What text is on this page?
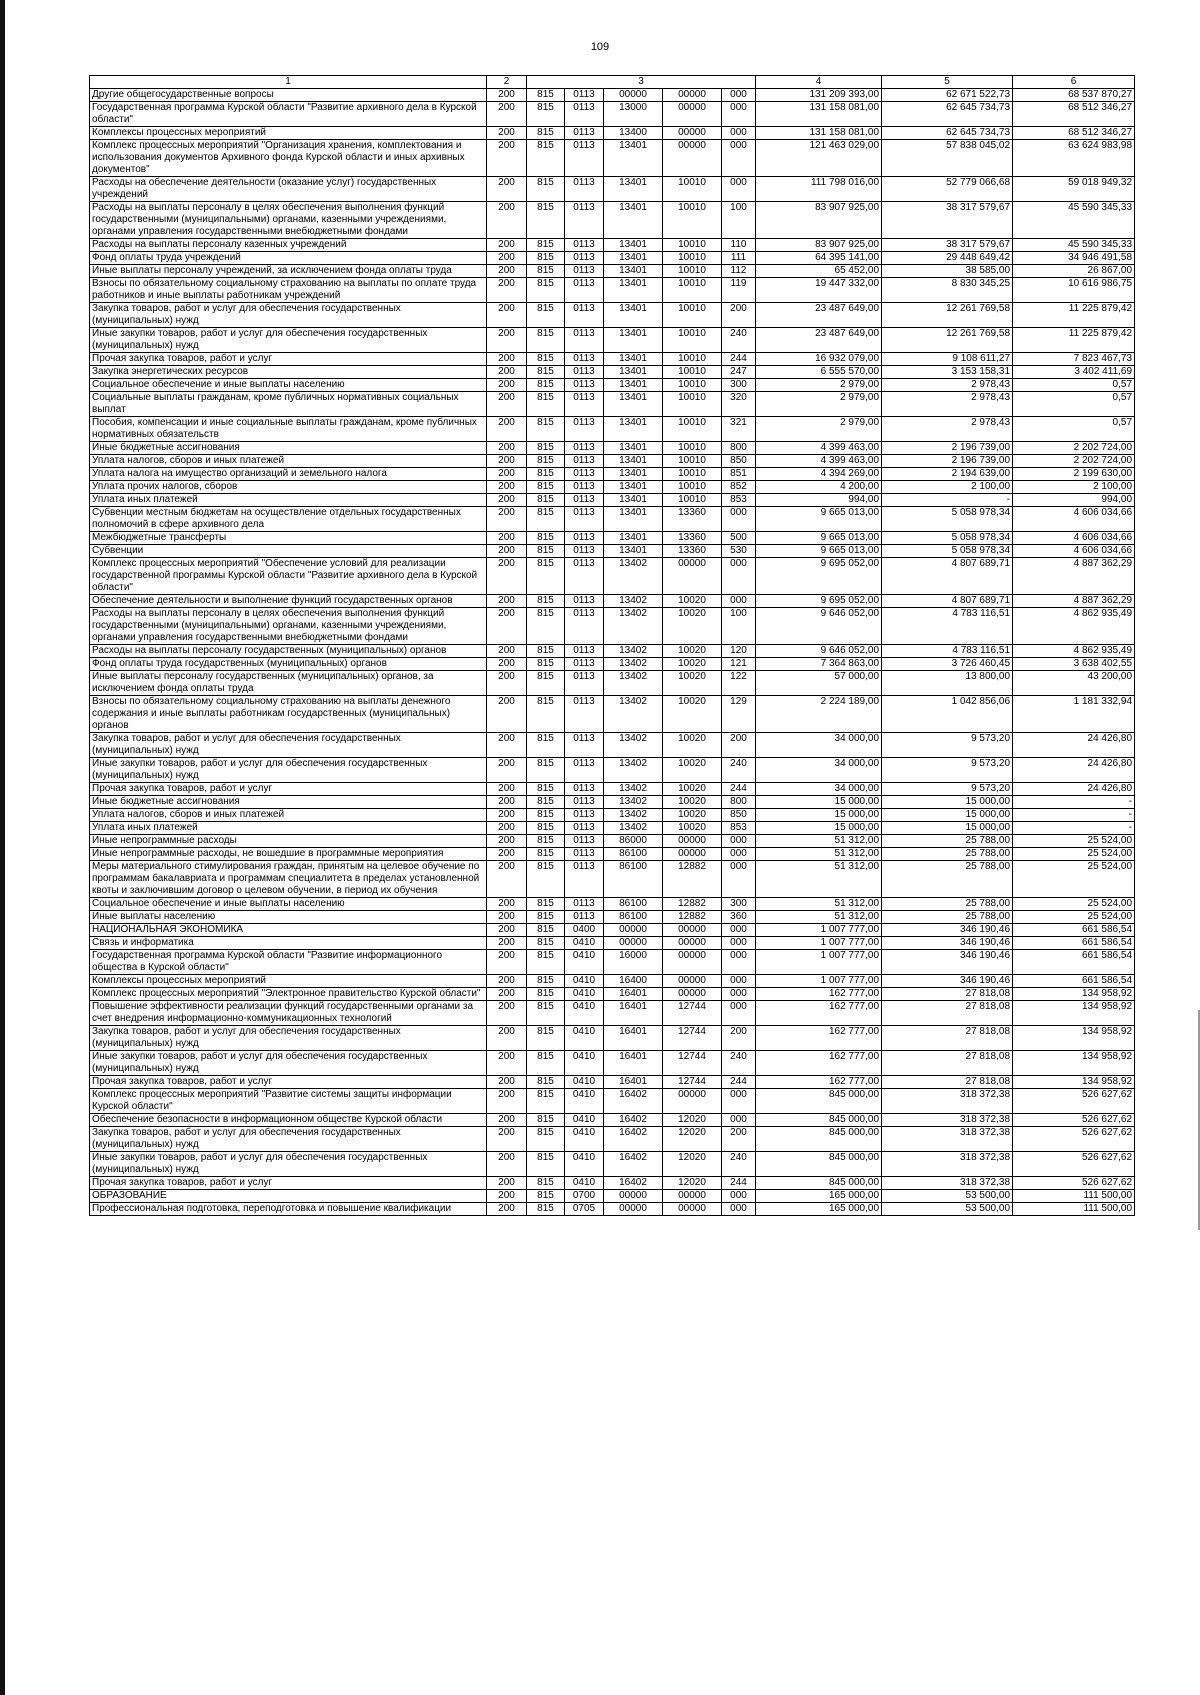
109
1	2	3					4	5	6
Другие общегосударственные вопросы	200	815	0113	00000	00000	000	131 209 393,00	62 671 522,73	68 537 870,27
Государственная программа Курской области "Развитие архивного дела в Курской области"	200	815	0113	13000	00000	000	131 158 081,00	62 645 734,73	68 512 346,27
Комплексы процессных мероприятий	200	815	0113	13400	00000	000	131 158 081,00	62 645 734,73	68 512 346,27
Комплекс процессных мероприятий "Организация хранения, комплектования и использования документов Архивного фонда Курской области и иных архивных документов"	200	815	0113	13401	00000	000	121 463 029,00	57 838 045,02	63 624 983,98
Расходы на обеспечение деятельности (оказание услуг) государственных учреждений	200	815	0113	13401	10010	000	111 798 016,00	52 779 066,68	59 018 949,32
Расходы на выплаты персоналу в целях обеспечения выполнения функций государственными (муниципальными) органами, казенными учреждениями, органами управления государственными внебюджетными фондами	200	815	0113	13401	10010	100	83 907 925,00	38 317 579,67	45 590 345,33
Расходы на выплаты персоналу казенных учреждений	200	815	0113	13401	10010	110	83 907 925,00	38 317 579,67	45 590 345,33
Фонд оплаты труда учреждений	200	815	0113	13401	10010	111	64 395 141,00	29 448 649,42	34 946 491,58
Иные выплаты персоналу учреждений, за исключением фонда оплаты труда	200	815	0113	13401	10010	112	65 452,00	38 585,00	26 867,00
Взносы по обязательному социальному страхованию на выплаты по оплате труда работников и иные выплаты работникам учреждений	200	815	0113	13401	10010	119	19 447 332,00	8 830 345,25	10 616 986,75
Закупка товаров, работ и услуг для обеспечения государственных (муниципальных) нужд	200	815	0113	13401	10010	200	23 487 649,00	12 261 769,58	11 225 879,42
Иные закупки товаров, работ и услуг для обеспечения государственных (муниципальных) нужд	200	815	0113	13401	10010	240	23 487 649,00	12 261 769,58	11 225 879,42
Прочая закупка товаров, работ и услуг	200	815	0113	13401	10010	244	16 932 079,00	9 108 611,27	7 823 467,73
Закупка энергетических ресурсов	200	815	0113	13401	10010	247	6 555 570,00	3 153 158,31	3 402 411,69
Социальное обеспечение и иные выплаты населению	200	815	0113	13401	10010	300	2 979,00	2 978,43	0,57
Социальные выплаты гражданам, кроме публичных нормативных социальных выплат	200	815	0113	13401	10010	320	2 979,00	2 978,43	0,57
Пособия, компенсации и иные социальные выплаты гражданам, кроме публичных нормативных обязательств	200	815	0113	13401	10010	321	2 979,00	2 978,43	0,57
Иные бюджетные ассигнования	200	815	0113	13401	10010	800	4 399 463,00	2 196 739,00	2 202 724,00
Уплата налогов, сборов и иных платежей	200	815	0113	13401	10010	850	4 399 463,00	2 196 739,00	2 202 724,00
Уплата налога на имущество организаций и земельного налога	200	815	0113	13401	10010	851	4 394 269,00	2 194 639,00	2 199 630,00
Уплата прочих налогов, сборов	200	815	0113	13401	10010	852	4 200,00	2 100,00	2 100,00
Уплата иных платежей	200	815	0113	13401	10010	853	994,00	-	994,00
Субвенции местным бюджетам на осуществление отдельных государственных полномочий в сфере архивного дела	200	815	0113	13401	13360	000	9 665 013,00	5 058 978,34	4 606 034,66
Межбюджетные трансферты	200	815	0113	13401	13360	500	9 665 013,00	5 058 978,34	4 606 034,66
Субвенции	200	815	0113	13401	13360	530	9 665 013,00	5 058 978,34	4 606 034,66
Комплекс процессных мероприятий "Обеспечение условий для реализации государственной программы Курской области "Развитие архивного дела в Курской области"	200	815	0113	13402	00000	000	9 695 052,00	4 807 689,71	4 887 362,29
Обеспечение деятельности и выполнение функций государственных органов	200	815	0113	13402	10020	000	9 695 052,00	4 807 689,71	4 887 362,29
Расходы на выплаты персоналу в целях обеспечения выполнения функций государственными (муниципальными) органами, казенными учреждениями, органами управления государственными внебюджетными фондами	200	815	0113	13402	10020	100	9 646 052,00	4 783 116,51	4 862 935,49
Расходы на выплаты персоналу государственных (муниципальных) органов	200	815	0113	13402	10020	120	9 646 052,00	4 783 116,51	4 862 935,49
Фонд оплаты труда государственных (муниципальных) органов	200	815	0113	13402	10020	121	7 364 863,00	3 726 460,45	3 638 402,55
Иные выплаты персоналу государственных (муниципальных) органов, за исключением фонда оплаты труда	200	815	0113	13402	10020	122	57 000,00	13 800,00	43 200,00
Взносы по обязательному социальному страхованию на выплаты денежного содержания и иные выплаты работникам государственных (муниципальных) органов	200	815	0113	13402	10020	129	2 224 189,00	1 042 856,06	1 181 332,94
Закупка товаров, работ и услуг для обеспечения государственных (муниципальных) нужд	200	815	0113	13402	10020	200	34 000,00	9 573,20	24 426,80
Иные закупки товаров, работ и услуг для обеспечения государственных (муниципальных) нужд	200	815	0113	13402	10020	240	34 000,00	9 573,20	24 426,80
Прочая закупка товаров, работ и услуг	200	815	0113	13402	10020	244	34 000,00	9 573,20	24 426,80
Иные бюджетные ассигнования	200	815	0113	13402	10020	800	15 000,00	15 000,00	-
Уплата налогов, сборов и иных платежей	200	815	0113	13402	10020	850	15 000,00	15 000,00	-
Уплата иных платежей	200	815	0113	13402	10020	853	15 000,00	15 000,00	-
Иные непрограммные расходы	200	815	0113	86000	00000	000	51 312,00	25 788,00	25 524,00
Иные непрограммные расходы, не вошедшие в программные мероприятия	200	815	0113	86100	00000	000	51 312,00	25 788,00	25 524,00
Меры материального стимулирования граждан, принятым на целевое обучение по программам бакалавриата и программам специалитета в пределах установленной квоты и заключившим договор о целевом обучении, в период их обучения	200	815	0113	86100	12882	000	51 312,00	25 788,00	25 524,00
Социальное обеспечение и иные выплаты населению	200	815	0113	86100	12882	300	51 312,00	25 788,00	25 524,00
Иные выплаты населению	200	815	0113	86100	12882	360	51 312,00	25 788,00	25 524,00
НАЦИОНАЛЬНАЯ ЭКОНОМИКА	200	815	0400	00000	00000	000	1 007 777,00	346 190,46	661 586,54
Связь и информатика	200	815	0410	00000	00000	000	1 007 777,00	346 190,46	661 586,54
Государственная программа Курской области "Развитие информационного общества в Курской области"	200	815	0410	16000	00000	000	1 007 777,00	346 190,46	661 586,54
Комплексы процессных мероприятий	200	815	0410	16400	00000	000	1 007 777,00	346 190,46	661 586,54
Комплекс процессных мероприятий "Электронное правительство Курской области"	200	815	0410	16401	00000	000	162 777,00	27 818,08	134 958,92
Повышение эффективности реализации функций государственными органами за счет внедрения информационно-коммуникационных технологий	200	815	0410	16401	12744	000	162 777,00	27 818,08	134 958,92
Закупка товаров, работ и услуг для обеспечения государственных (муниципальных) нужд	200	815	0410	16401	12744	200	162 777,00	27 818,08	134 958,92
Иные закупки товаров, работ и услуг для обеспечения государственных (муниципальных) нужд	200	815	0410	16401	12744	240	162 777,00	27 818,08	134 958,92
Прочая закупка товаров, работ и услуг	200	815	0410	16401	12744	244	162 777,00	27 818,08	134 958,92
Комплекс процессных мероприятий "Развитие системы защиты информации Курской области"	200	815	0410	16402	00000	000	845 000,00	318 372,38	526 627,62
Обеспечение безопасности в информационном обществе Курской области	200	815	0410	16402	12020	000	845 000,00	318 372,38	526 627,62
Закупка товаров, работ и услуг для обеспечения государственных (муниципальных) нужд	200	815	0410	16402	12020	200	845 000,00	318 372,38	526 627,62
Иные закупки товаров, работ и услуг для обеспечения государственных (муниципальных) нужд	200	815	0410	16402	12020	240	845 000,00	318 372,38	526 627,62
Прочая закупка товаров, работ и услуг	200	815	0410	16402	12020	244	845 000,00	318 372,38	526 627,62
ОБРАЗОВАНИЕ	200	815	0700	00000	00000	000	165 000,00	53 500,00	111 500,00
Профессиональная подготовка, переподготовка и повышение квалификации	200	815	0705	00000	00000	000	165 000,00	53 500,00	111 500,00
